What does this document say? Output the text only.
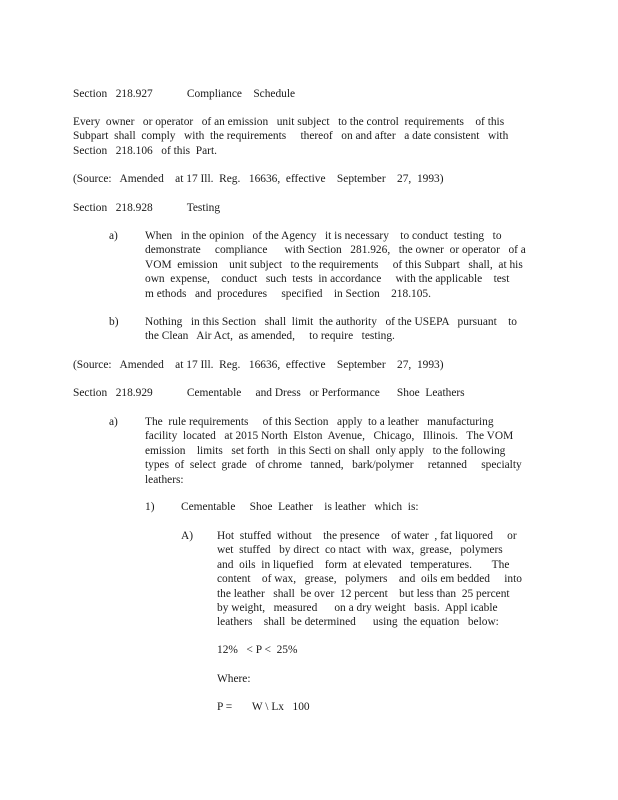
Section   218.927            Compliance    Schedule
Every  owner   or operator   of an emission   unit subject   to the control  requirements    of this
Subpart  shall  comply   with  the requirements     thereof   on and after   a date consistent   with
Section   218.106   of this  Part.
(Source:   Amended    at 17 Ill.  Reg.   16636,  effective    September    27,  1993)
Section   218.928            Testing
a) When   in the opinion   of the Agency   it is necessary    to conduct  testing   to
demonstrate     compliance      with Section   281.926,   the owner  or operator   of a
VOM  emission    unit subject   to the requirements     of this Subpart   shall,  at his
own  expense,    conduct   such  tests  in accordance     with the applicable    test
m ethods   and  procedures     specified    in Section    218.105.
b) Nothing   in this Section   shall  limit  the authority   of the USEPA   pursuant    to
the Clean   Air Act,  as amended,     to require   testing.
(Source:   Amended    at 17 Ill.  Reg.   16636,  effective    September    27,  1993)
Section   218.929            Cementable     and Dress   or Performance      Shoe  Leathers
a) The  rule requirements     of this Section   apply  to a leather   manufacturing
facility  located   at 2015 North  Elston  Avenue,   Chicago,   Illinois.   The VOM
emission    limits   set forth   in this Secti on shall  only apply   to the following
types  of  select  grade   of chrome   tanned,   bark/polymer     retanned     specialty
leathers:
1) Cementable     Shoe  Leather    is leather   which  is:
A) Hot  stuffed  without    the presence    of water  , fat liquored     or
wet  stuffed   by direct  co ntact  with  wax,  grease,   polymers
and  oils  in liquefied    form  at elevated   temperatures.       The
content    of wax,   grease,   polymers    and  oils em bedded     into
the leather   shall  be over  12 percent    but less than  25 percent
by weight,   measured      on a dry weight   basis.  Appl icable
leathers    shall  be determined      using  the equation   below:
12%   < P <  25%
Where:
P =       W \ Lx   100
